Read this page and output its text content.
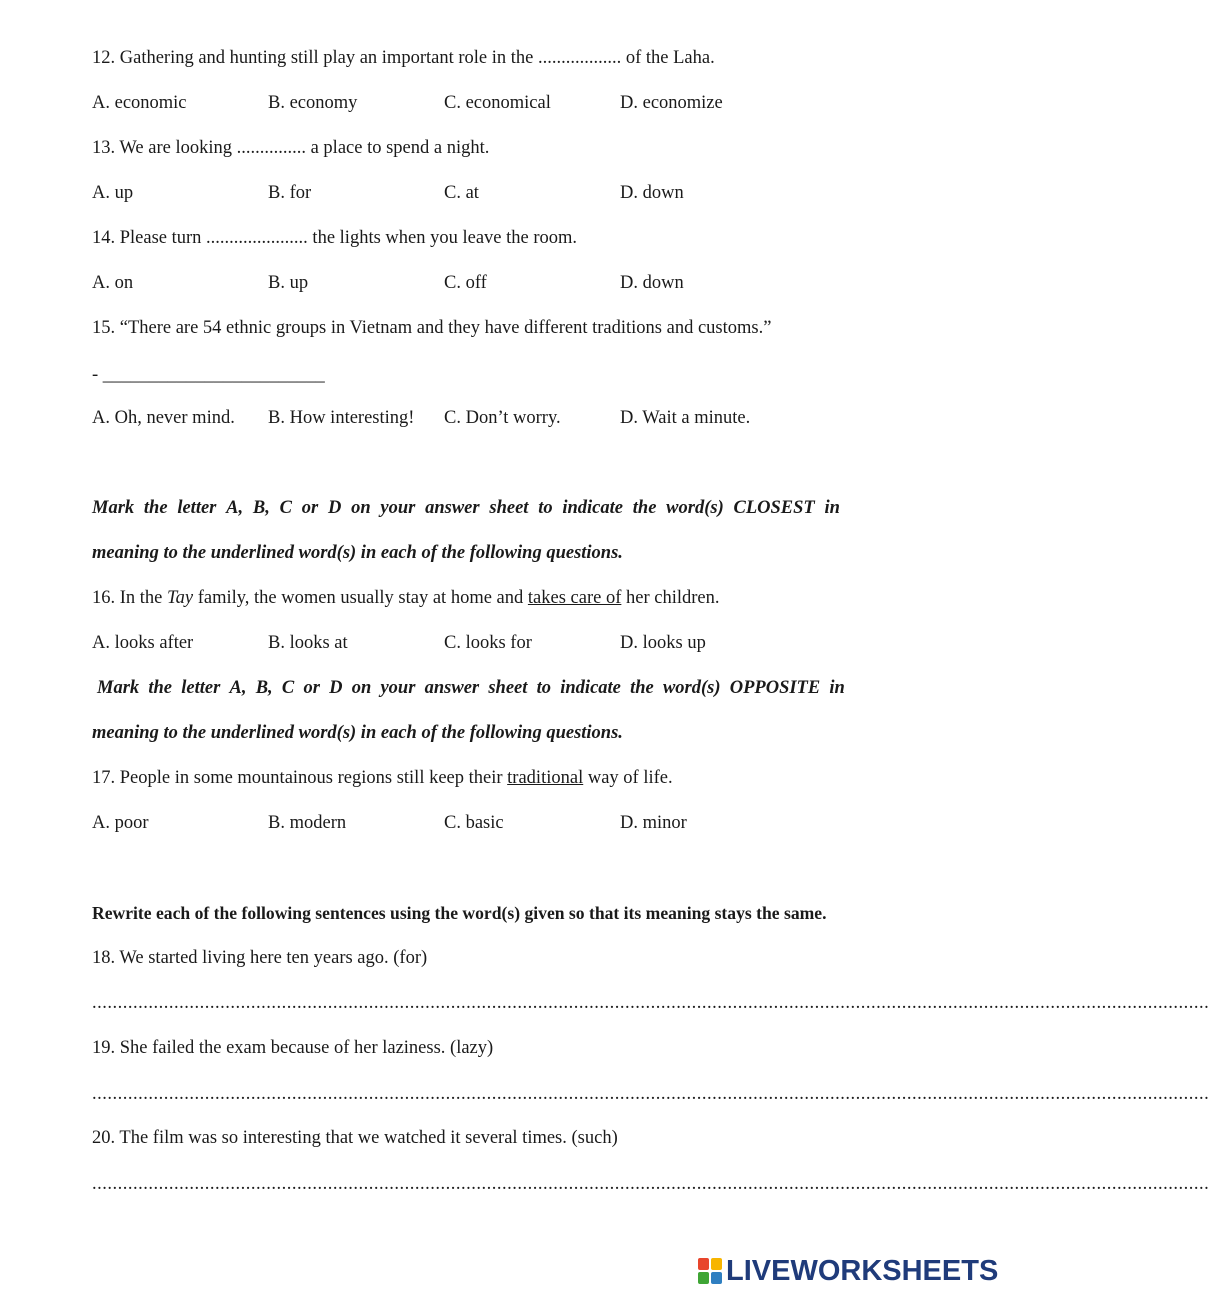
12. Gathering and hunting still play an important role in the .................. of the Laha.
A. economic	B. economy	C. economical	D. economize
13. We are looking ............... a place to spend a night.
A. up	B. for	C. at	D. down
14. Please turn ...................... the lights when you leave the room.
A. on	B. up	C. off	D. down
15. “There are 54 ethnic groups in Vietnam and they have different traditions and customs.”
- ________________________
A. Oh, never mind. B. How interesting! C. Don’t worry.	D. Wait a minute.
Mark the letter A, B, C or D on your answer sheet to indicate the word(s) CLOSEST in
meaning to the underlined word(s) in each of the following questions.
16. In the Tay family, the women usually stay at home and takes care of her children.
A. looks after	B. looks at	C. looks for	D. looks up
Mark the letter A, B, C or D on your answer sheet to indicate the word(s) OPPOSITE in
meaning to the underlined word(s) in each of the following questions.
17. People in some mountainous regions still keep their traditional way of life.
A. poor	B. modern	C. basic	D. minor
Rewrite each of the following sentences using the word(s) given so that its meaning stays the same.
18. We started living here ten years ago. (for)
..........................................................................................................................................................................................................................
19. She failed the exam because of her laziness. (lazy)
..........................................................................................................................................................................................................................
20. The film was so interesting that we watched it several times. (such)
..........................................................................................................................................................................................................................
LIVEWORKSHEETS
